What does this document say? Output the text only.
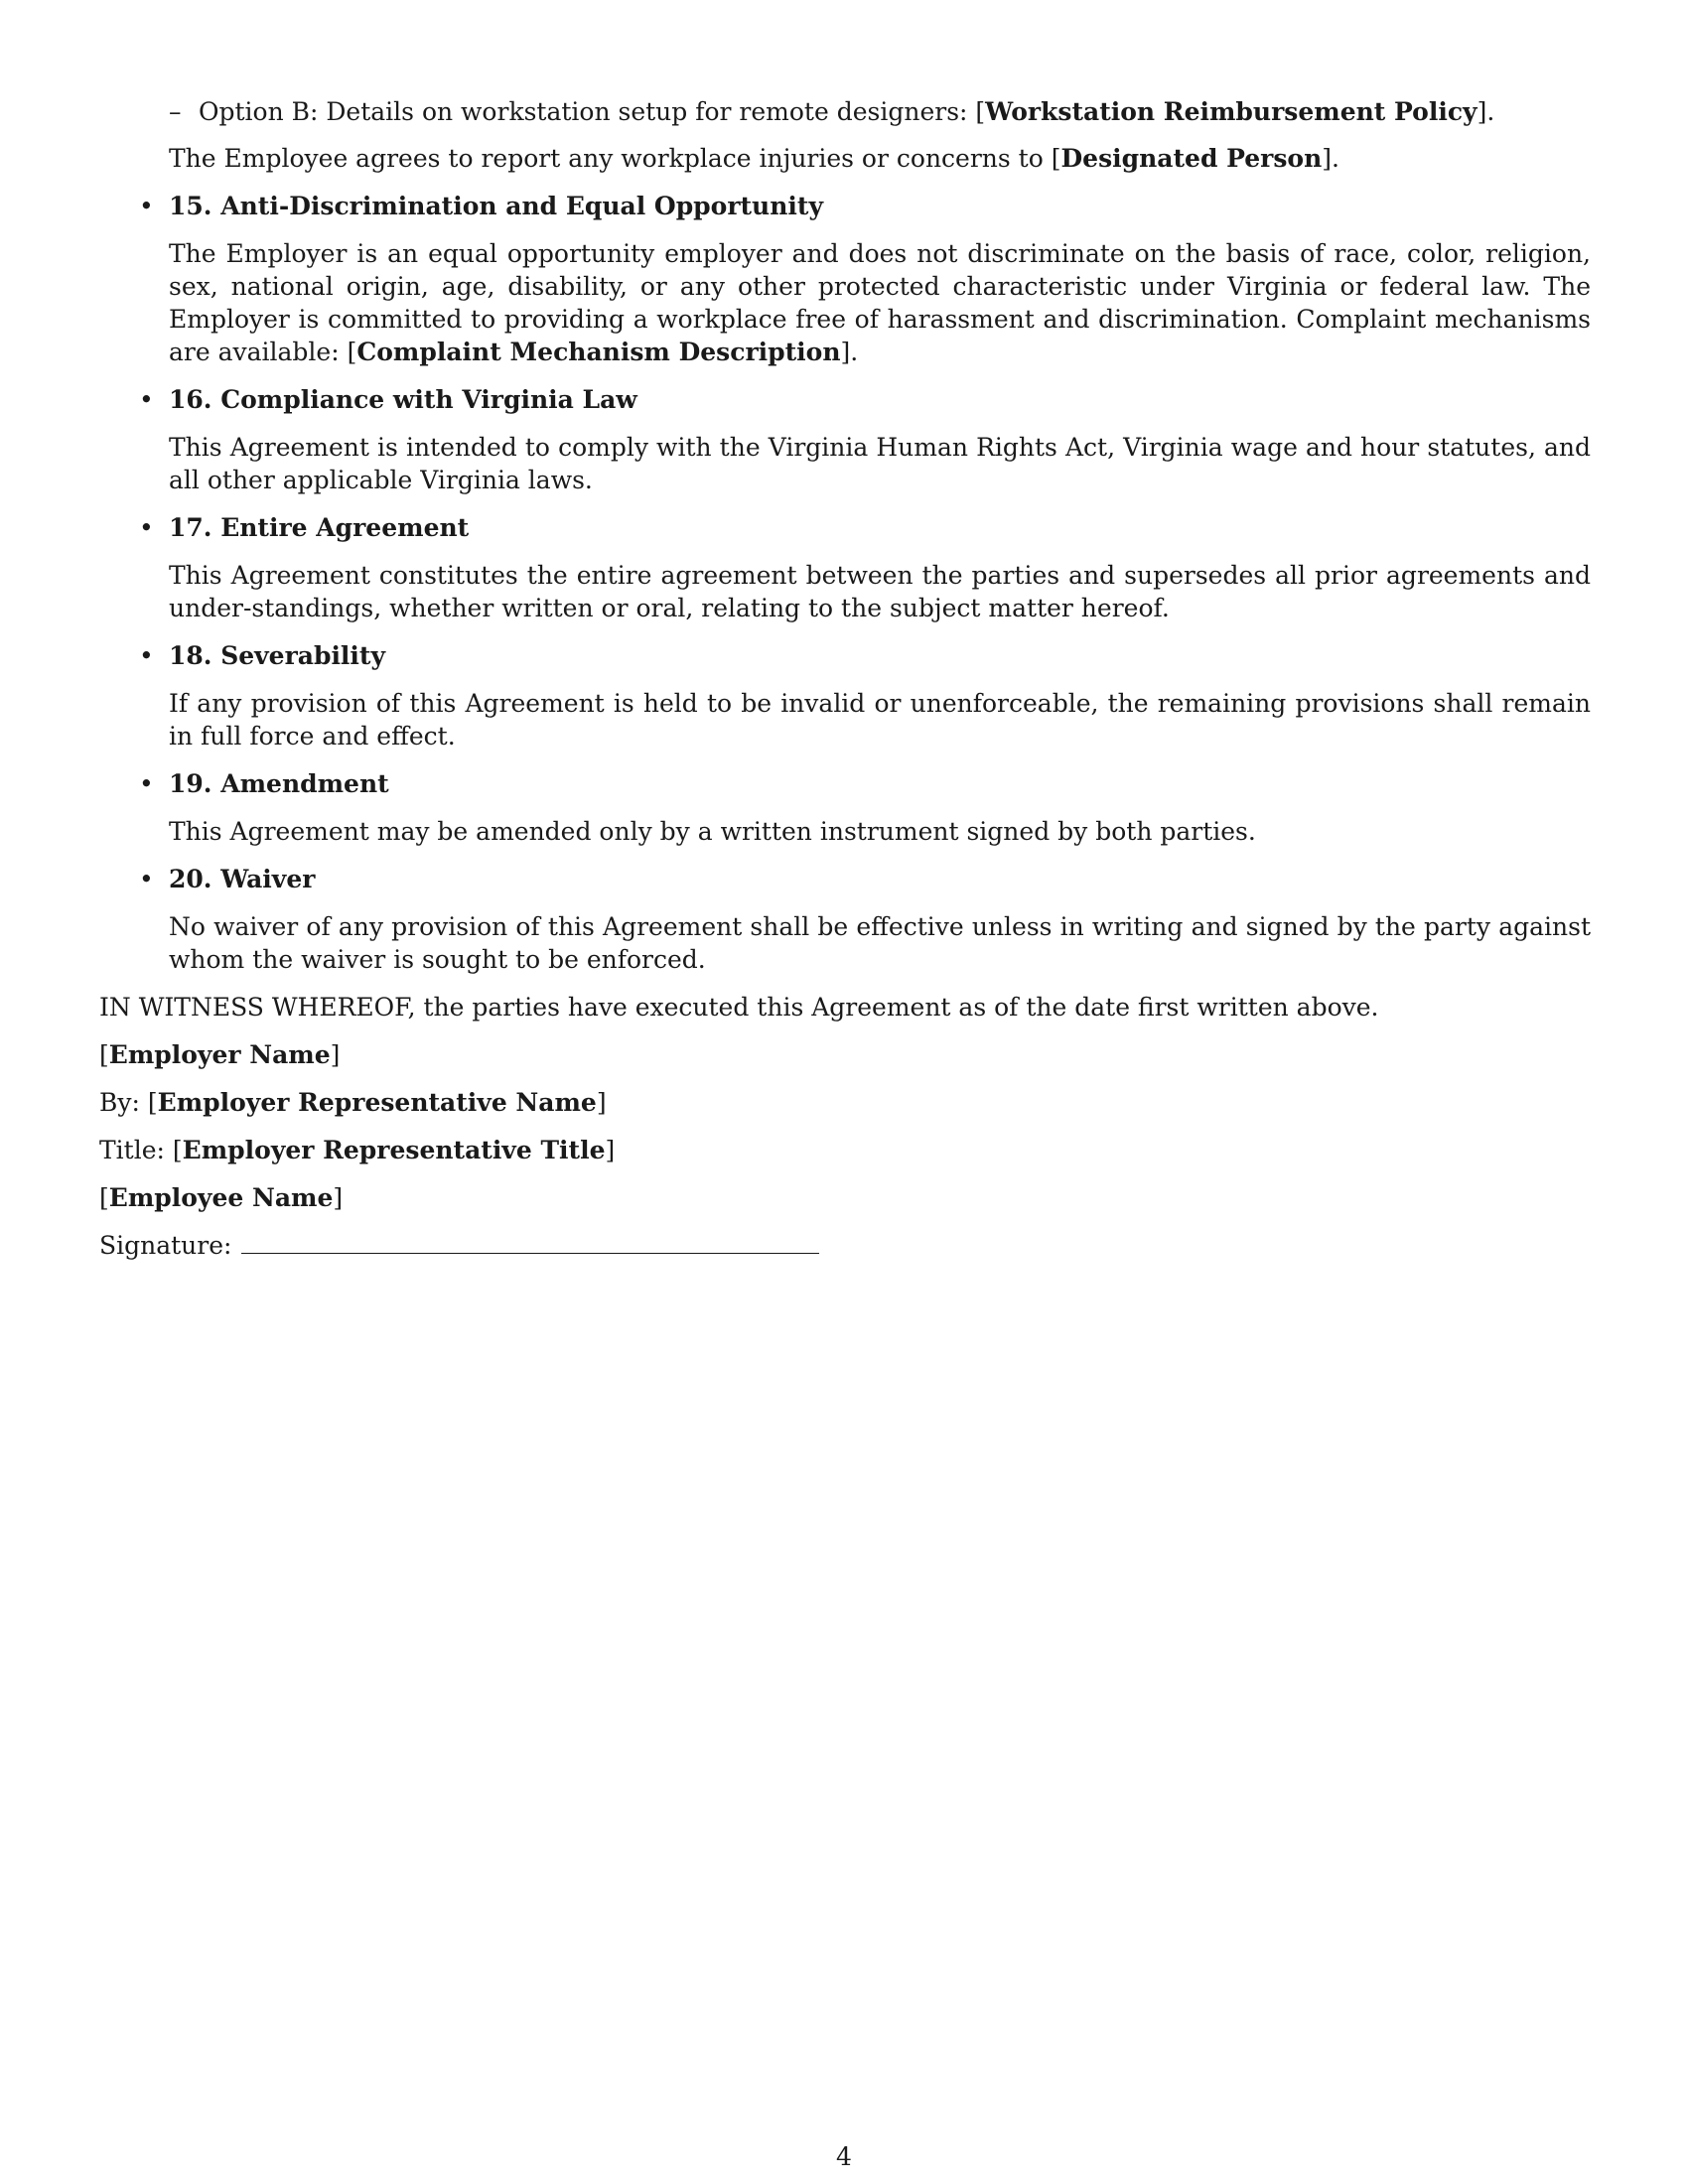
– Option B: Details on workstation setup for remote designers: [Workstation Reimbursement Policy].
The Employee agrees to report any workplace injuries or concerns to [Designated Person].
• 15. Anti-Discrimination and Equal Opportunity
The Employer is an equal opportunity employer and does not discriminate on the basis of race, color, religion, sex, national origin, age, disability, or any other protected characteristic under Virginia or federal law. The Employer is committed to providing a workplace free of harassment and discrimination. Complaint mechanisms are available: [Complaint Mechanism Description].
• 16. Compliance with Virginia Law
This Agreement is intended to comply with the Virginia Human Rights Act, Virginia wage and hour statutes, and all other applicable Virginia laws.
• 17. Entire Agreement
This Agreement constitutes the entire agreement between the parties and supersedes all prior agreements and under-standings, whether written or oral, relating to the subject matter hereof.
• 18. Severability
If any provision of this Agreement is held to be invalid or unenforceable, the remaining provisions shall remain in full force and effect.
• 19. Amendment
This Agreement may be amended only by a written instrument signed by both parties.
• 20. Waiver
No waiver of any provision of this Agreement shall be effective unless in writing and signed by the party against whom the waiver is sought to be enforced.
IN WITNESS WHEREOF, the parties have executed this Agreement as of the date first written above.
[Employer Name]
By: [Employer Representative Name]
Title: [Employer Representative Title]
[Employee Name]
Signature:
4
